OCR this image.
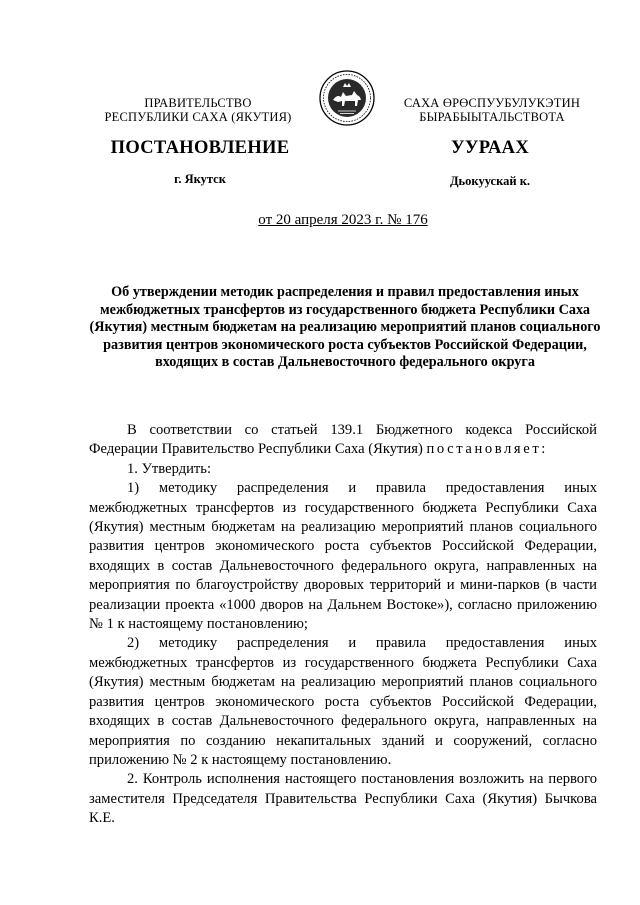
ПРАВИТЕЛЬСТВО
РЕСПУБЛИКИ САХА (ЯКУТИЯ)
САХА ӨРӨСПУУБУЛУКЭТИН
БЫРАБЫЫТАЛЬСТВОТА
ПОСТАНОВЛЕНИЕ	УУРААХ
г. Якутск	Дьокуускай к.
от 20 апреля 2023 г. № 176
Об утверждении методик распределения и правил предоставления иных межбюджетных трансфертов из государственного бюджета Республики Саха (Якутия) местным бюджетам на реализацию мероприятий планов социального развития центров экономического роста субъектов Российской Федерации, входящих в состав Дальневосточного федерального округа

В соответствии со статьей 139.1 Бюджетного кодекса Российской Федерации Правительство Республики Саха (Якутия) постановляет:

1. Утвердить:

1) методику распределения и правила предоставления иных межбюджетных трансфертов из государственного бюджета Республики Саха (Якутия) местным бюджетам на реализацию мероприятий планов социального развития центров экономического роста субъектов Российской Федерации, входящих в состав Дальневосточного федерального округа, направленных на мероприятия по благоустройству дворовых территорий и мини-парков (в части реализации проекта «1000 дворов на Дальнем Востоке»), согласно приложению № 1 к настоящему постановлению;

2) методику распределения и правила предоставления иных межбюджетных трансфертов из государственного бюджета Республики Саха (Якутия) местным бюджетам на реализацию мероприятий планов социального развития центров экономического роста субъектов Российской Федерации, входящих в состав Дальневосточного федерального округа, направленных на мероприятия по созданию некапитальных зданий и сооружений, согласно приложению № 2 к настоящему постановлению.

2. Контроль исполнения настоящего постановления возложить на первого заместителя Председателя Правительства Республики Саха (Якутия) Бычкова К.Е.
